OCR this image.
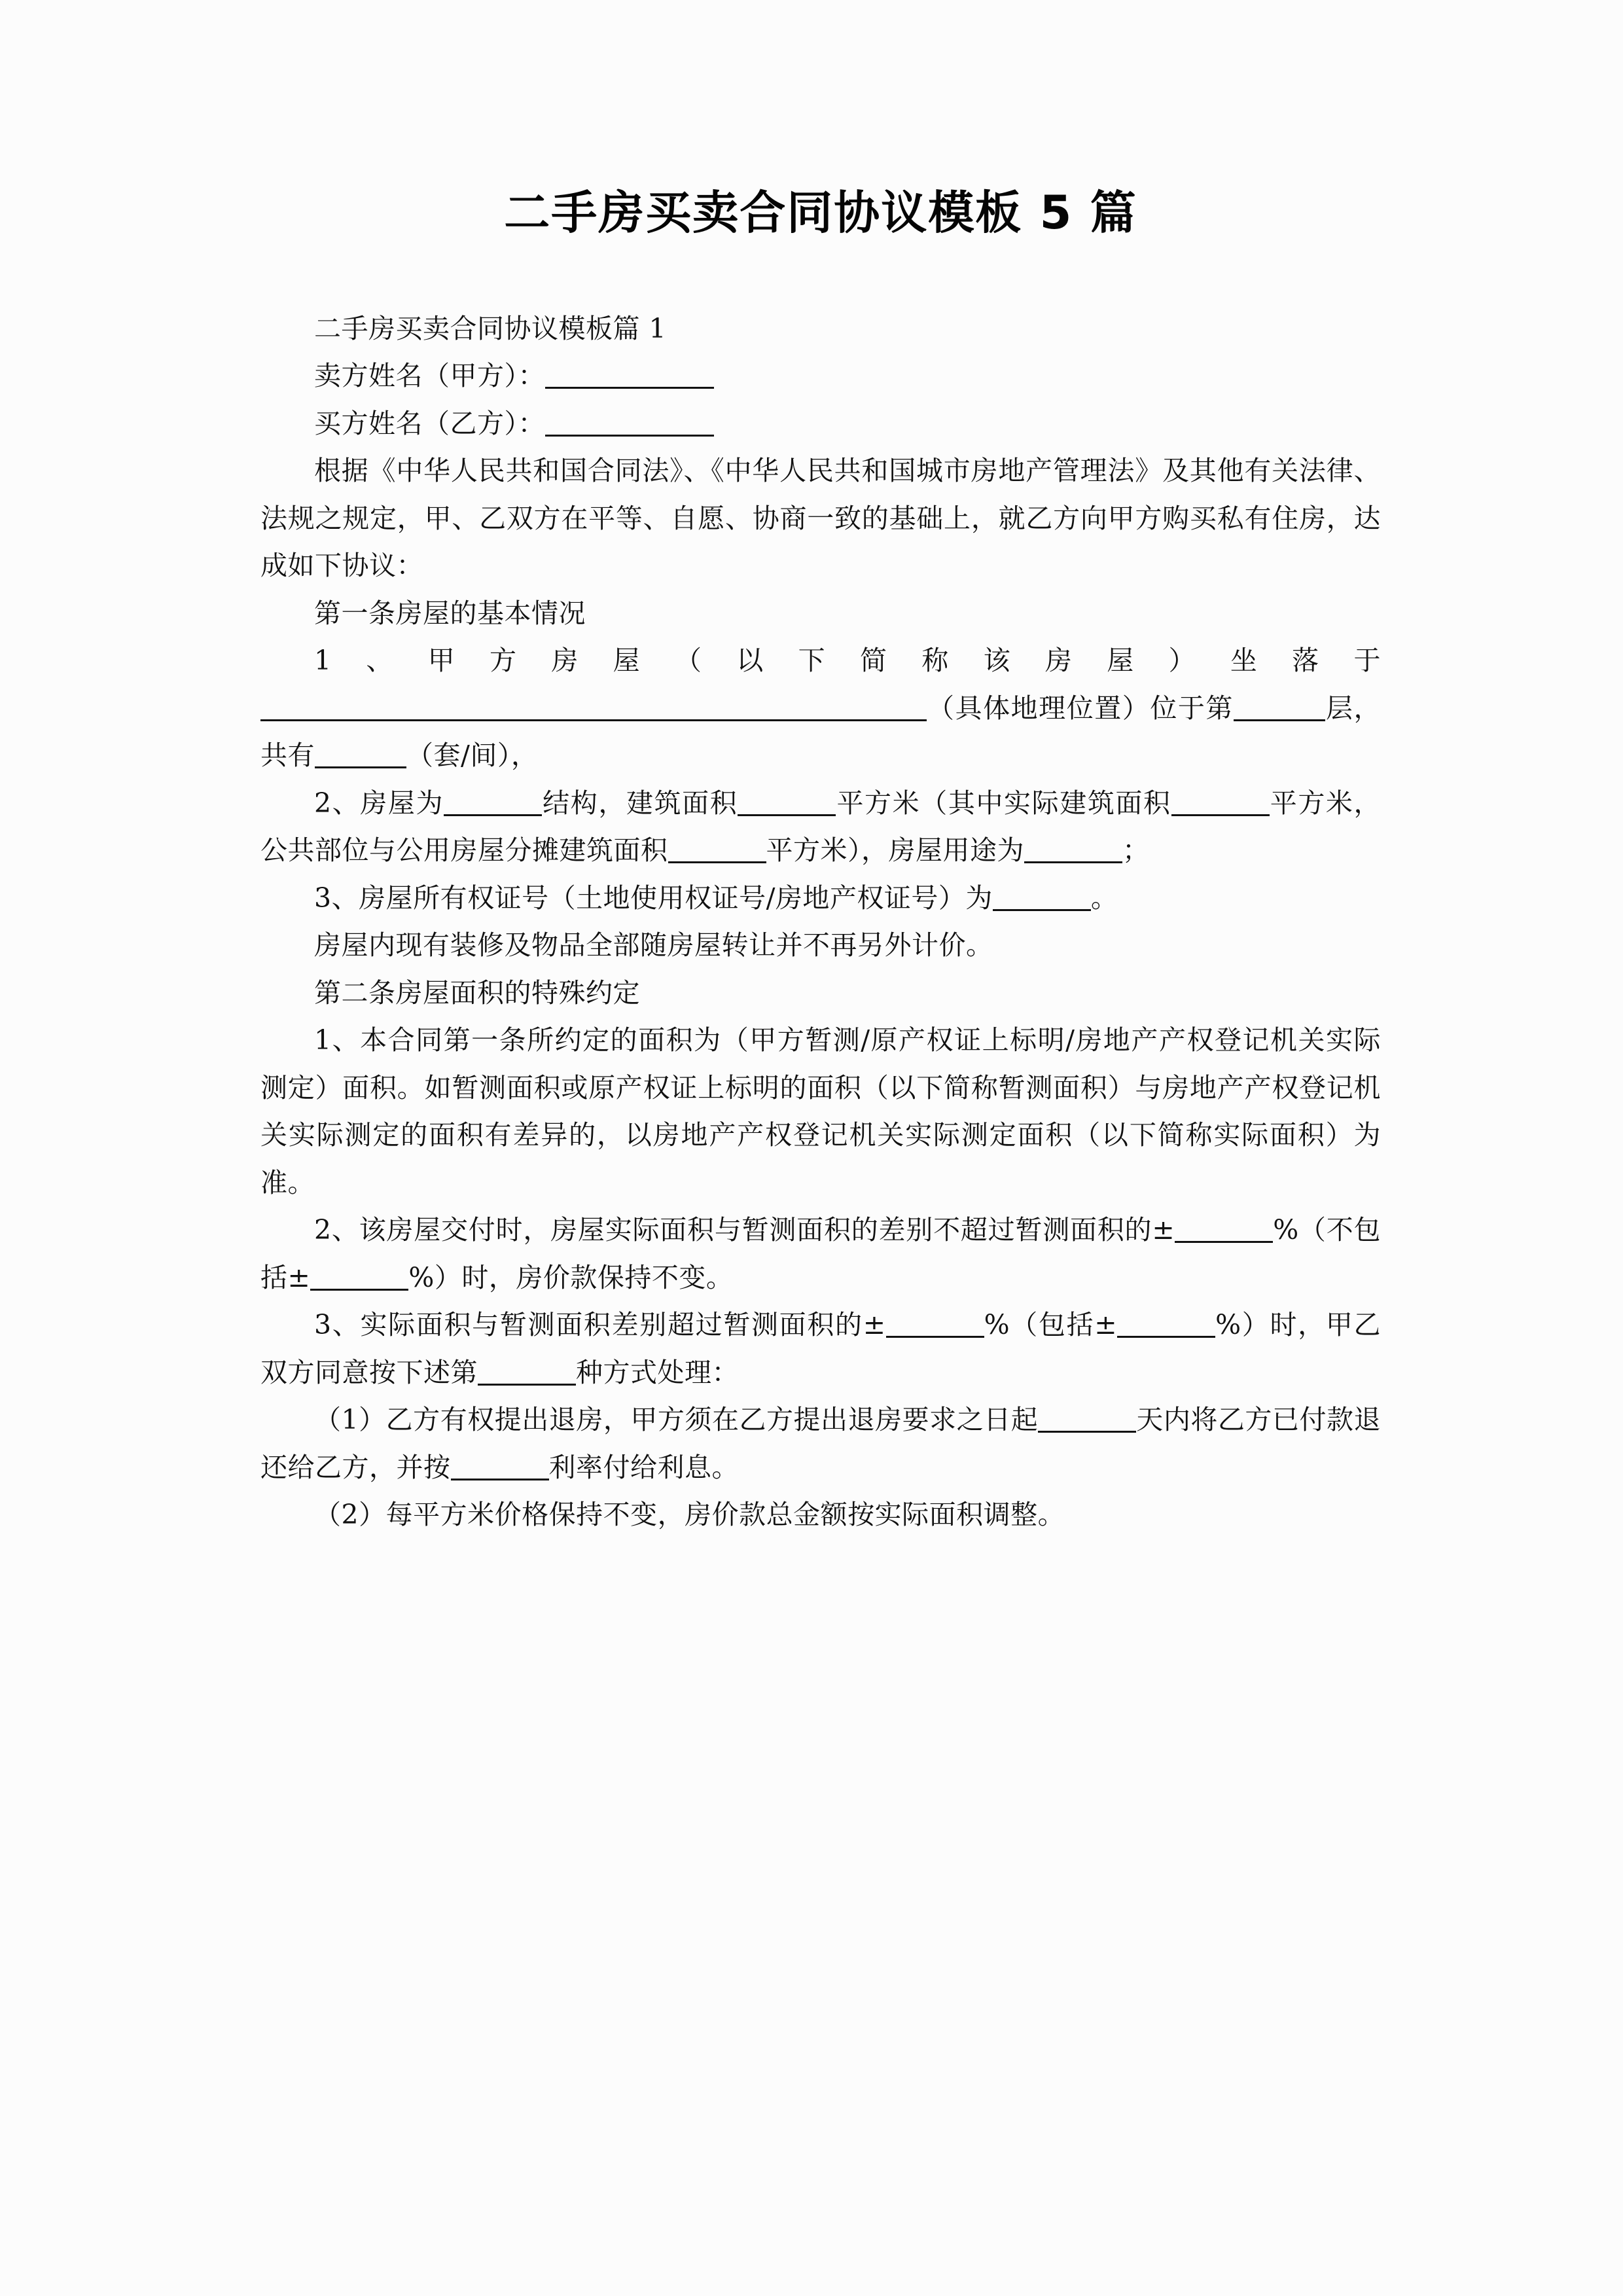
二手房买卖合同协议模板 5 篇

二手房买卖合同协议模板篇 1

卖方姓名（甲方）：

买方姓名（乙方）：

根据《中华人民共和国合同法》、《中华人民共和国城市房地产管理法》及其他有关法律、法规之规定，甲、乙双方在平等、自愿、协商一致的基础上，就乙方向甲方购买私有住房，达成如下协议：

第一条房屋的基本情况

1、甲方房屋（以下简称该房屋）坐落于

（具体地理位置）位于第	层，共有	（套/间），

2、房屋为	结构，建筑面积	平方米（其中实际建筑面积	平方米，公共部位与公用房屋分摊建筑面积	平方米），房屋用途为	；

3、房屋所有权证号（土地使用权证号/房地产权证号）为	。

房屋内现有装修及物品全部随房屋转让并不再另外计价。

第二条房屋面积的特殊约定

1、本合同第一条所约定的面积为（甲方暂测/原产权证上标明/房地产产权登记机关实际测定）面积。如暂测面积或原产权证上标明的面积（以下简称暂测面积）与房地产产权登记机关实际测定的面积有差异的，以房地产产权登记机关实际测定面积（以下简称实际面积）为准。

2、该房屋交付时，房屋实际面积与暂测面积的差别不超过暂测面积的±	%（不包括±	%）时，房价款保持不变。

3、实际面积与暂测面积差别超过暂测面积的±	%（包括±	%）时，甲乙双方同意按下述第	种方式处理：

（1）乙方有权提出退房，甲方须在乙方提出退房要求之日起	天内将乙方已付款退还给乙方，并按	利率付给利息。

（2）每平方米价格保持不变，房价款总金额按实际面积调整。
